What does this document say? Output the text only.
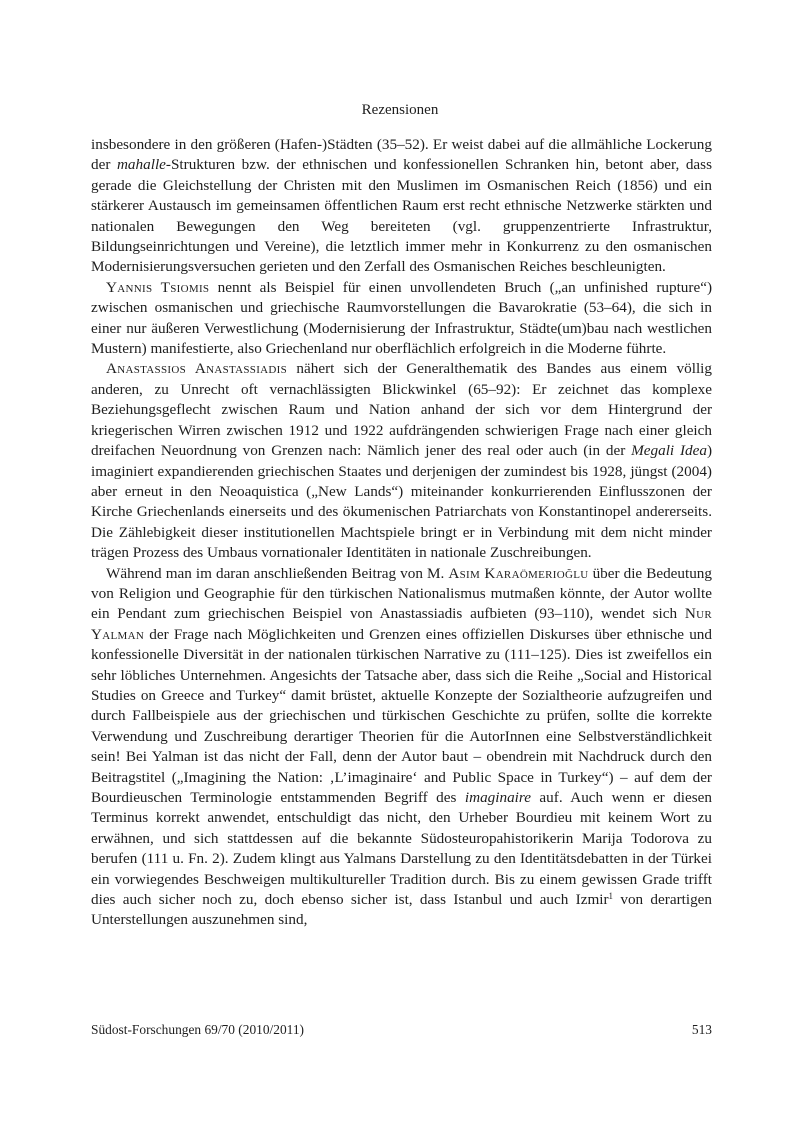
Rezensionen

insbesondere in den größeren (Hafen-)Städten (35–52). Er weist dabei auf die allmähliche Lockerung der mahalle-Strukturen bzw. der ethnischen und konfessionellen Schranken hin, betont aber, dass gerade die Gleichstellung der Christen mit den Muslimen im Osmanischen Reich (1856) und ein stärkerer Austausch im gemeinsamen öffentlichen Raum erst recht ethnische Netzwerke stärkten und nationalen Bewegungen den Weg bereiteten (vgl. gruppenzentrierte Infrastruktur, Bildungseinrichtungen und Vereine), die letztlich immer mehr in Konkurrenz zu den osmanischen Modernisierungsversuchen gerieten und den Zerfall des Osmanischen Reiches beschleunigten.

Yannis Tsiomis nennt als Beispiel für einen unvollendeten Bruch („an unfinished rupture“) zwischen osmanischen und griechische Raumvorstellungen die Bavarokratie (53–64), die sich in einer nur äußeren Verwestlichung (Modernisierung der Infrastruktur, Städte(um)bau nach westlichen Mustern) manifestierte, also Griechenland nur oberflächlich erfolgreich in die Moderne führte.

Anastassios Anastassiadis nähert sich der Generalthematik des Bandes aus einem völlig anderen, zu Unrecht oft vernachlässigten Blickwinkel (65–92): Er zeichnet das komplexe Beziehungsgeflecht zwischen Raum und Nation anhand der sich vor dem Hintergrund der kriegerischen Wirren zwischen 1912 und 1922 aufdrängenden schwierigen Frage nach einer gleich dreifachen Neuordnung von Grenzen nach: Nämlich jener des real oder auch (in der Megali Idea) imaginiert expandierenden griechischen Staates und derjenigen der zumindest bis 1928, jüngst (2004) aber erneut in den Neoaquistica („New Lands“) miteinander konkurrierenden Einflusszonen der Kirche Griechenlands einerseits und des ökumenischen Patriarchats von Konstantinopel andererseits. Die Zählebigkeit dieser institutionellen Machtspiele bringt er in Verbindung mit dem nicht minder trägen Prozess des Umbaus vornationaler Identitäten in nationale Zuschreibungen.

Während man im daran anschließenden Beitrag von M. Asım Karaömerioğlu über die Bedeutung von Religion und Geographie für den türkischen Nationalismus mutmaßen könnte, der Autor wollte ein Pendant zum griechischen Beispiel von Anastassiadis aufbieten (93–110), wendet sich Nur Yalman der Frage nach Möglichkeiten und Grenzen eines offiziellen Diskurses über ethnische und konfessionelle Diversität in der nationalen türkischen Narrative zu (111–125). Dies ist zweifellos ein sehr löbliches Unternehmen. Angesichts der Tatsache aber, dass sich die Reihe „Social and Historical Studies on Greece and Turkey“ damit brüstet, aktuelle Konzepte der Sozialtheorie aufzugreifen und durch Fallbeispiele aus der griechischen und türkischen Geschichte zu prüfen, sollte die korrekte Verwendung und Zuschreibung derartiger Theorien für die AutorInnen eine Selbstverständlichkeit sein! Bei Yalman ist das nicht der Fall, denn der Autor baut – obendrein mit Nachdruck durch den Beitragstitel („Imagining the Nation: ‚L’imaginaire‘ and Public Space in Turkey“) – auf dem der Bourdieuschen Terminologie entstammenden Begriff des imaginaire auf. Auch wenn er diesen Terminus korrekt anwendet, entschuldigt das nicht, den Urheber Bourdieu mit keinem Wort zu erwähnen, und sich stattdessen auf die bekannte Südosteuropahistorikerin Marija Todorova zu berufen (111 u. Fn. 2). Zudem klingt aus Yalmans Darstellung zu den Identitätsdebatten in der Türkei ein vorwiegendes Beschweigen multikultureller Tradition durch. Bis zu einem gewissen Grade trifft dies auch sicher noch zu, doch ebenso sicher ist, dass Istanbul und auch Izmir$^1$ von derartigen Unterstellungen auszunehmen sind,

Südost-Forschungen 69/70 (2010/2011)	513
